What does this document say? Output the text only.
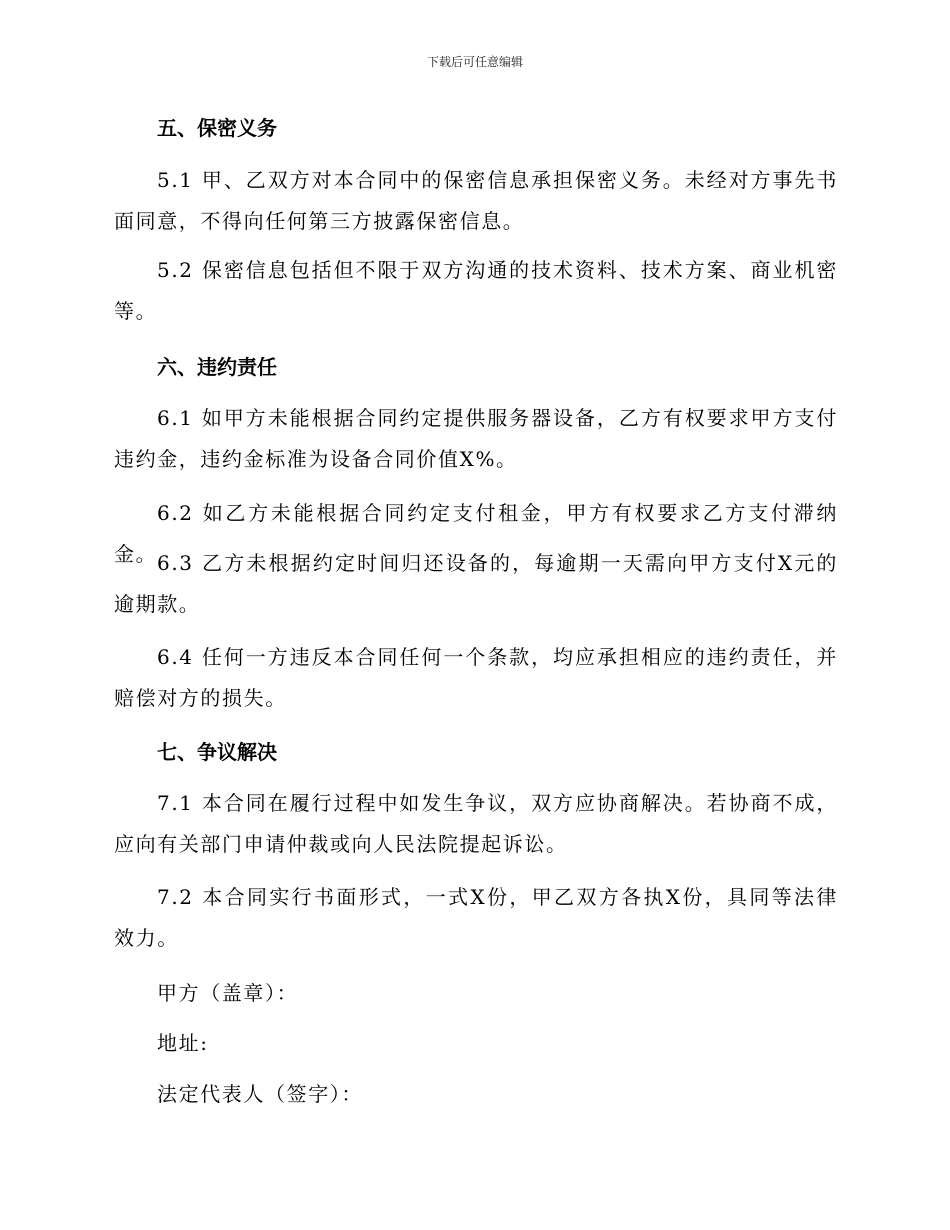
下载后可任意编辑
五、保密义务
5.1 甲、乙双方对本合同中的保密信息承担保密义务。未经对方事先书面同意，不得向任何第三方披露保密信息。
5.2 保密信息包括但不限于双方沟通的技术资料、技术方案、商业机密等。
六、违约责任
6.1 如甲方未能根据合同约定提供服务器设备，乙方有权要求甲方支付违约金，违约金标准为设备合同价值X%。
6.2 如乙方未能根据合同约定支付租金，甲方有权要求乙方支付滞纳金。 6.3 乙方未根据约定时间归还设备的，每逾期一天需向甲方支付X元的逾期款。
6.4 任何一方违反本合同任何一个条款，均应承担相应的违约责任，并赔偿对方的损失。
七、争议解决
7.1 本合同在履行过程中如发生争议，双方应协商解决。若协商不成，应向有关部门申请仲裁或向人民法院提起诉讼。
7.2 本合同实行书面形式，一式X份，甲乙双方各执X份，具同等法律效力。
甲方（盖章）：
地址:
法定代表人（签字）：
